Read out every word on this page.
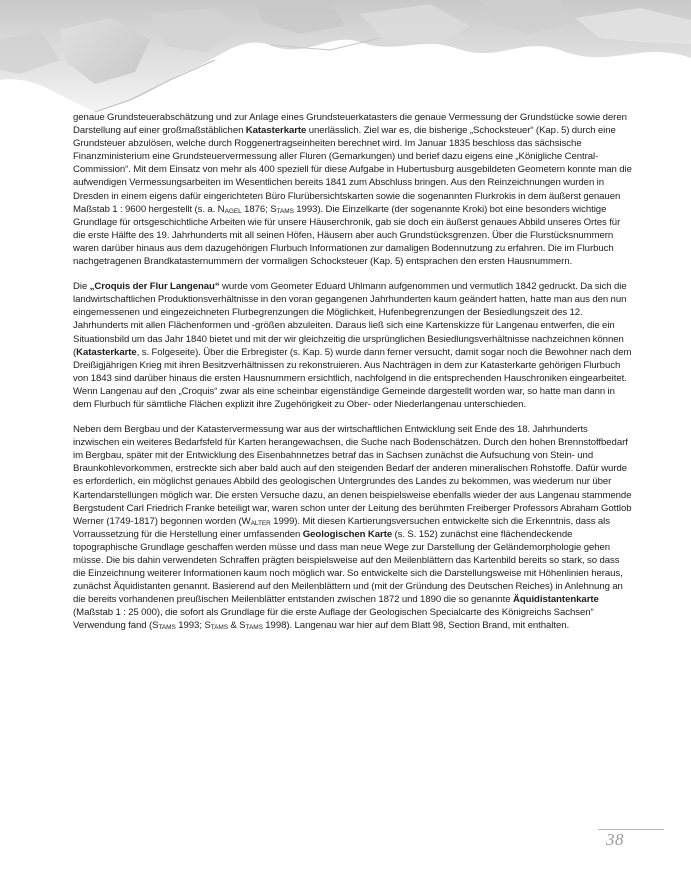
genaue Grundsteuerabschätzung und zur Anlage eines Grundsteuerkatasters die genaue Vermessung der Grundstücke sowie deren Darstellung auf einer großmaßstäblichen Katasterkarte unerlässlich. Ziel war es, die bisherige „Schocksteuer“ (Kap. 5) durch eine Grundsteuer abzulösen, welche durch Roggenertragseinheiten berechnet wird. Im Januar 1835 beschloss das sächsische Finanzministerium eine Grundsteuervermessung aller Fluren (Gemarkungen) und berief dazu eigens eine „Königliche Central-Commission“. Mit dem Einsatz von mehr als 400 speziell für diese Aufgabe in Hubertusburg ausgebildeten Geometern konnte man die aufwendigen Vermessungsarbeiten im Wesentlichen bereits 1841 zum Abschluss bringen. Aus den Reinzeichnungen wurden in Dresden in einem eigens dafür eingerichteten Büro Flurübersichtskarten sowie die sogenannten Flurkrokis in dem äußerst genauen Maßstab 1 : 9600 hergestellt (s. a. $N_{AGEL}$ 1876; $S_{TAMS}$ 1993). Die Einzelkarte (der sogenannte Kroki) bot eine besonders wichtige Grundlage für ortsgeschichtliche Arbeiten wie für unsere Häuserchronik, gab sie doch ein äußerst genaues Abbild unseres Ortes für die erste Hälfte des 19. Jahrhunderts mit all seinen Höfen, Häusern aber auch Grundstücksgrenzen. Über die Flurstücksnummern waren darüber hinaus aus dem dazugehörigen Flurbuch Informationen zur damaligen Bodennutzung zu erfahren. Die im Flurbuch nachgetragenen Brandkatasternummern der vormaligen Schocksteuer (Kap. 5) entsprachen den ersten Hausnummern.

Die „Croquis der Flur Langenau“ wurde vom Geometer Eduard Uhlmann aufgenommen und vermutlich 1842 gedruckt. Da sich die landwirtschaftlichen Produktionsverhältnisse in den voran gegangenen Jahrhunderten kaum geändert hatten, hatte man aus den nun eingemessenen und eingezeichneten Flurbegrenzungen die Möglichkeit, Hufenbegrenzungen der Besiedlungszeit des 12. Jahrhunderts mit allen Flächenformen und -größen abzuleiten. Daraus ließ sich eine Kartenskizze für Langenau entwerfen, die ein Situationsbild um das Jahr 1840 bietet und mit der wir gleichzeitig die ursprünglichen Besiedlungsverhältnisse nachzeichnen können (Katasterkarte, s. Folgeseite). Über die Erbregister (s. Kap. 5) wurde dann ferner versucht, damit sogar noch die Bewohner nach dem Dreißigjährigen Krieg mit ihren Besitzverhältnissen zu rekonstruieren. Aus Nachträgen in dem zur Katasterkarte gehörigen Flurbuch von 1843 sind darüber hinaus die ersten Hausnummern ersichtlich, nachfolgend in die entsprechenden Hauschroniken eingearbeitet. Wenn Langenau auf den „Croquis“ zwar als eine scheinbar eigenständige Gemeinde dargestellt worden war, so hatte man dann in dem Flurbuch für sämtliche Flächen explizit ihre Zugehörigkeit zu Ober- oder Niederlangenau unterschieden.

Neben dem Bergbau und der Katastervermessung war aus der wirtschaftlichen Entwicklung seit Ende des 18. Jahrhunderts inzwischen ein weiteres Bedarfsfeld für Karten herangewachsen, die Suche nach Bodenschätzen. Durch den hohen Brennstoffbedarf im Bergbau, später mit der Entwicklung des Eisenbahnnetzes betraf das in Sachsen zunächst die Aufsuchung von Stein- und Braunkohlevorkommen, erstreckte sich aber bald auch auf den steigenden Bedarf der anderen mineralischen Rohstoffe. Dafür wurde es erforderlich, ein möglichst genaues Abbild des geologischen Untergrundes des Landes zu bekommen, was wiederum nur über Kartendarstellungen möglich war. Die ersten Versuche dazu, an denen beispielsweise ebenfalls wieder der aus Langenau stammende Bergstudent Carl Friedrich Franke beteiligt war, waren schon unter der Leitung des berühmten Freiberger Professors Abraham Gottlob Werner (1749-1817) begonnen worden ($W_{ALTER}$ 1999). Mit diesen Kartierungsversuchen entwickelte sich die Erkenntnis, dass als Vorraussetzung für die Herstellung einer umfassenden Geologischen Karte (s. S. 152) zunächst eine flächendeckende topographische Grundlage geschaffen werden müsse und dass man neue Wege zur Darstellung der Geländemorphologie gehen müsse. Die bis dahin verwendeten Schraffen prägten beispielsweise auf den Meilenblättern das Kartenbild bereits so stark, so dass die Einzeichnung weiterer Informationen kaum noch möglich war. So entwickelte sich die Darstellungsweise mit Höhenlinien heraus, zunächst Äquidistanten genannt. Basierend auf den Meilenblättern und (mit der Gründung des Deutschen Reiches) in Anlehnung an die bereits vorhandenen preußischen Meilenblätter entstanden zwischen 1872 und 1890 die so genannte Äquidistantenkarte (Maßstab 1 : 25 000), die sofort als Grundlage für die erste Auflage der Geologischen Specialcarte des Königreichs Sachsen“ Verwendung fand ($S_{TAMS}$ 1993; $S_{TAMS}$ & $S_{TAMS}$ 1998). Langenau war hier auf dem Blatt 98, Section Brand, mit enthalten.

38
